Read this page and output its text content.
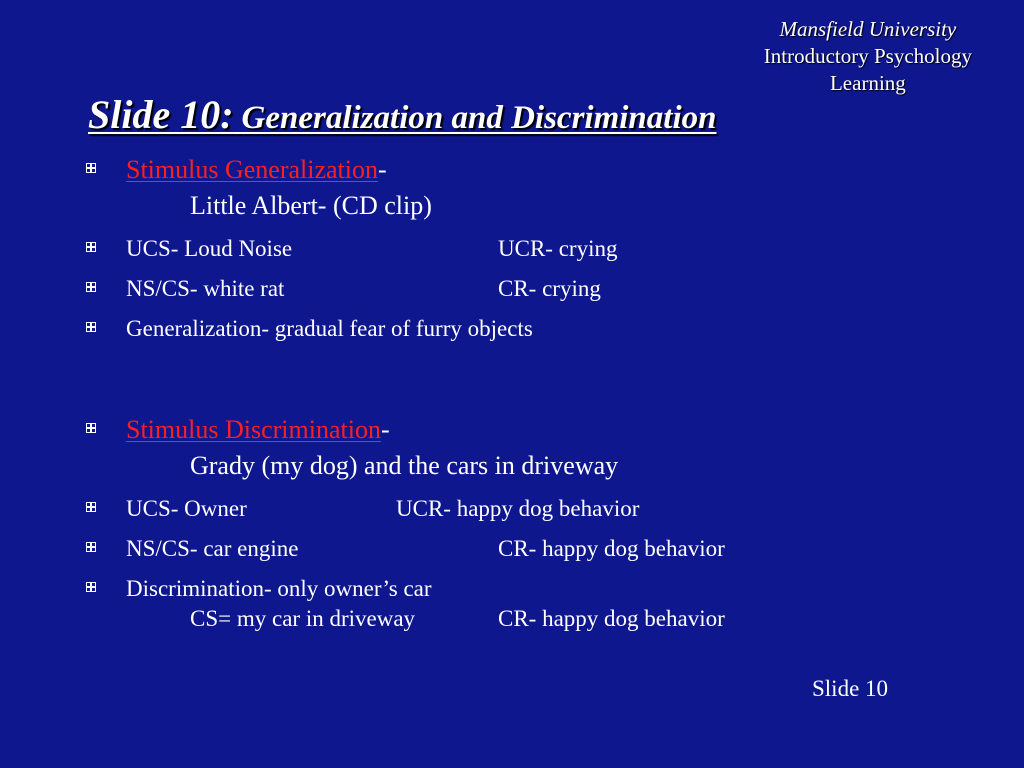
Mansfield University
Introductory Psychology
Learning
Slide 10: Generalization and Discrimination
Stimulus Generalization-
Little Albert- (CD clip)
UCS- Loud Noise	UCR- crying
NS/CS- white rat	CR- crying
Generalization- gradual fear of furry objects
Stimulus Discrimination-
Grady (my dog) and the cars in driveway
UCS- Owner	UCR- happy dog behavior
NS/CS- car engine	CR- happy dog behavior
Discrimination- only owner’s car
CS= my car in driveway	CR- happy dog behavior
Slide 10
